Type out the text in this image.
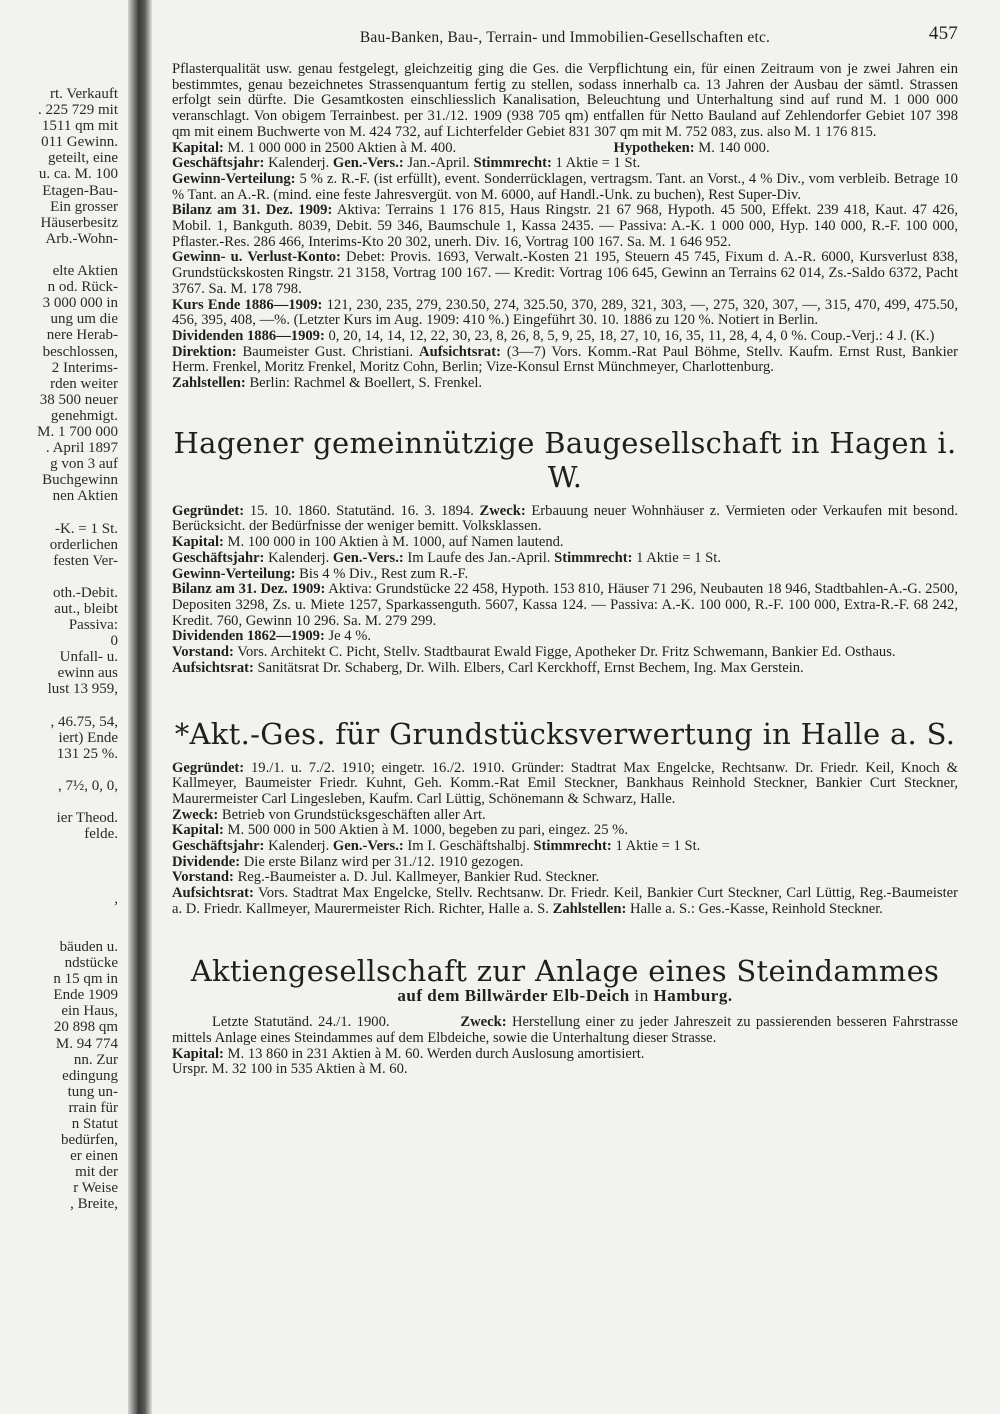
rt. Verkauft
. 225 729 mit
1511 qm mit
011 Gewinn.
geteilt, eine
u. ca. M. 100
Etagen-Bau-
Ein grosser
Häuserbesitz
Arb.-Wohn-
elte Aktien
n od. Rück-
3 000 000 in
ung um die
nere Herab-
beschlossen,
2 Interims-
rden weiter
38 500 neuer
genehmigt.
M. 1 700 000
. April 1897
g von 3 auf
Buchgewinn
nen Aktien
-K. = 1 St.
orderlichen
festen Ver-
oth.-Debit.
aut., bleibt
Passiva:
0
Unfall- u.
ewinn aus
lust 13 959,
, 46.75, 54,
iert) Ende
131 25 %.
, 7½, 0, 0,
ier Theod.
felde.
,
bäuden u.
ndstücke
n 15 qm in
Ende 1909
ein Haus,
20 898 qm
M. 94 774
nn. Zur
edingung
tung un-
rrain für
n Statut
bedürfen,
er einen
mit der
r Weise
, Breite,
Bau-Banken, Bau-, Terrain- und Immobilien-Gesellschaften etc.	457

Pflasterqualität usw. genau festgelegt, gleichzeitig ging die Ges. die Verpflichtung ein, für einen Zeitraum von je zwei Jahren ein bestimmtes, genau bezeichnetes Strassenquantum fertig zu stellen, sodass innerhalb ca. 13 Jahren der Ausbau der sämtl. Strassen erfolgt sein dürfte. Die Gesamtkosten einschliesslich Kanalisation, Beleuchtung und Unterhaltung sind auf rund M. 1 000 000 veranschlagt. Von obigem Terrainbest. per 31./12. 1909 (938 705 qm) entfallen für Netto Bauland auf Zehlendorfer Gebiet 107 398 qm mit einem Buchwerte von M. 424 732, auf Lichterfelder Gebiet 831 307 qm mit M. 752 083, zus. also M. 1 176 815.

Kapital: M. 1 000 000 in 2500 Aktien à M. 400.	Hypotheken: M. 140 000.

Geschäftsjahr: Kalenderj. Gen.-Vers.: Jan.-April. Stimmrecht: 1 Aktie = 1 St.

Gewinn-Verteilung: 5 % z. R.-F. (ist erfüllt), event. Sonderrücklagen, vertragsm. Tant. an Vorst., 4 % Div., vom verbleib. Betrage 10 % Tant. an A.-R. (mind. eine feste Jahresvergüt. von M. 6000, auf Handl.-Unk. zu buchen), Rest Super-Div.

Bilanz am 31. Dez. 1909: Aktiva: Terrains 1 176 815, Haus Ringstr. 21 67 968, Hypoth. 45 500, Effekt. 239 418, Kaut. 47 426, Mobil. 1, Bankguth. 8039, Debit. 59 346, Baumschule 1, Kassa 2435. — Passiva: A.-K. 1 000 000, Hyp. 140 000, R.-F. 100 000, Pflaster.-Res. 286 466, Interims-Kto 20 302, unerh. Div. 16, Vortrag 100 167. Sa. M. 1 646 952.

Gewinn- u. Verlust-Konto: Debet: Provis. 1693, Verwalt.-Kosten 21 195, Steuern 45 745, Fixum d. A.-R. 6000, Kursverlust 838, Grundstückskosten Ringstr. 21 3158, Vortrag 100 167. — Kredit: Vortrag 106 645, Gewinn an Terrains 62 014, Zs.-Saldo 6372, Pacht 3767. Sa. M. 178 798.

Kurs Ende 1886—1909: 121, 230, 235, 279, 230.50, 274, 325.50, 370, 289, 321, 303, —, 275, 320, 307, —, 315, 470, 499, 475.50, 456, 395, 408, —%. (Letzter Kurs im Aug. 1909: 410 %.) Eingeführt 30. 10. 1886 zu 120 %. Notiert in Berlin.

Dividenden 1886—1909: 0, 20, 14, 14, 12, 22, 30, 23, 8, 26, 8, 5, 9, 25, 18, 27, 10, 16, 35, 11, 28, 4, 4, 0 %. Coup.-Verj.: 4 J. (K.)

Direktion: Baumeister Gust. Christiani. Aufsichtsrat: (3—7) Vors. Komm.-Rat Paul Böhme, Stellv. Kaufm. Ernst Rust, Bankier Herm. Frenkel, Moritz Frenkel, Moritz Cohn, Berlin; Vize-Konsul Ernst Münchmeyer, Charlottenburg.

Zahlstellen: Berlin: Rachmel & Boellert, S. Frenkel.

Hagener gemeinnützige Baugesellschaft in Hagen i. W.

Gegründet: 15. 10. 1860. Statutänd. 16. 3. 1894. Zweck: Erbauung neuer Wohnhäuser z. Vermieten oder Verkaufen mit besond. Berücksicht. der Bedürfnisse der weniger bemitt. Volksklassen.

Kapital: M. 100 000 in 100 Aktien à M. 1000, auf Namen lautend.

Geschäftsjahr: Kalenderj. Gen.-Vers.: Im Laufe des Jan.-April. Stimmrecht: 1 Aktie = 1 St.

Gewinn-Verteilung: Bis 4 % Div., Rest zum R.-F.

Bilanz am 31. Dez. 1909: Aktiva: Grundstücke 22 458, Hypoth. 153 810, Häuser 71 296, Neubauten 18 946, Stadtbahlen-A.-G. 2500, Depositen 3298, Zs. u. Miete 1257, Sparkassenguth. 5607, Kassa 124. — Passiva: A.-K. 100 000, R.-F. 100 000, Extra-R.-F. 68 242, Kredit. 760, Gewinn 10 296. Sa. M. 279 299.

Dividenden 1862—1909: Je 4 %.

Vorstand: Vors. Architekt C. Picht, Stellv. Stadtbaurat Ewald Figge, Apotheker Dr. Fritz Schwemann, Bankier Ed. Osthaus.

Aufsichtsrat: Sanitätsrat Dr. Schaberg, Dr. Wilh. Elbers, Carl Kerckhoff, Ernst Bechem, Ing. Max Gerstein.

*Akt.-Ges. für Grundstücksverwertung in Halle a. S.

Gegründet: 19./1. u. 7./2. 1910; eingetr. 16./2. 1910. Gründer: Stadtrat Max Engelcke, Rechtsanw. Dr. Friedr. Keil, Knoch & Kallmeyer, Baumeister Friedr. Kuhnt, Geh. Komm.-Rat Emil Steckner, Bankhaus Reinhold Steckner, Bankier Curt Steckner, Maurermeister Carl Lingesleben, Kaufm. Carl Lüttig, Schönemann & Schwarz, Halle.

Zweck: Betrieb von Grundstücksgeschäften aller Art.

Kapital: M. 500 000 in 500 Aktien à M. 1000, begeben zu pari, eingez. 25 %.

Geschäftsjahr: Kalenderj. Gen.-Vers.: Im I. Geschäftshalbj. Stimmrecht: 1 Aktie = 1 St.

Dividende: Die erste Bilanz wird per 31./12. 1910 gezogen.

Vorstand: Reg.-Baumeister a. D. Jul. Kallmeyer, Bankier Rud. Steckner.

Aufsichtsrat: Vors. Stadtrat Max Engelcke, Stellv. Rechtsanw. Dr. Friedr. Keil, Bankier Curt Steckner, Carl Lüttig, Reg.-Baumeister a. D. Friedr. Kallmeyer, Maurermeister Rich. Richter, Halle a. S. Zahlstellen: Halle a. S.: Ges.-Kasse, Reinhold Steckner.

Aktiengesellschaft zur Anlage eines Steindammes
auf dem Billwärder Elb-Deich in Hamburg.

Letzte Statutänd. 24./1. 1900.	Zweck: Herstellung einer zu jeder Jahreszeit zu passierenden besseren Fahrstrasse mittels Anlage eines Steindammes auf dem Elbdeiche, sowie die Unterhaltung dieser Strasse.

Kapital: M. 13 860 in 231 Aktien à M. 60. Werden durch Auslosung amortisiert.

Urspr. M. 32 100 in 535 Aktien à M. 60.
